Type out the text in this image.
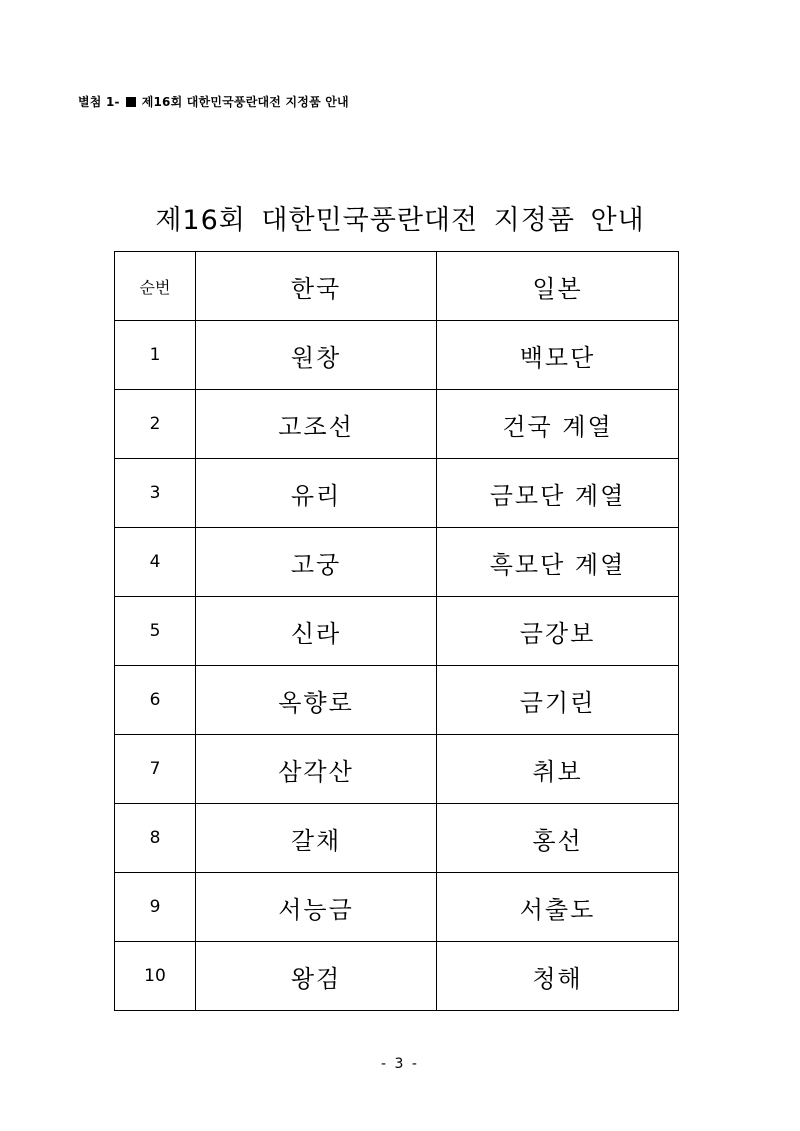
별첨 1- 제16회 대한민국풍란대전 지정품 안내
제16회 대한민국풍란대전 지정품 안내
순번	한국	일본
1	원창	백모단
2	고조선	건국 계열
3	유리	금모단 계열
4	고궁	흑모단 계열
5	신라	금강보
6	옥향로	금기린
7	삼각산	취보
8	갈채	홍선
9	서능금	서출도
10	왕검	청해
- 3 -
